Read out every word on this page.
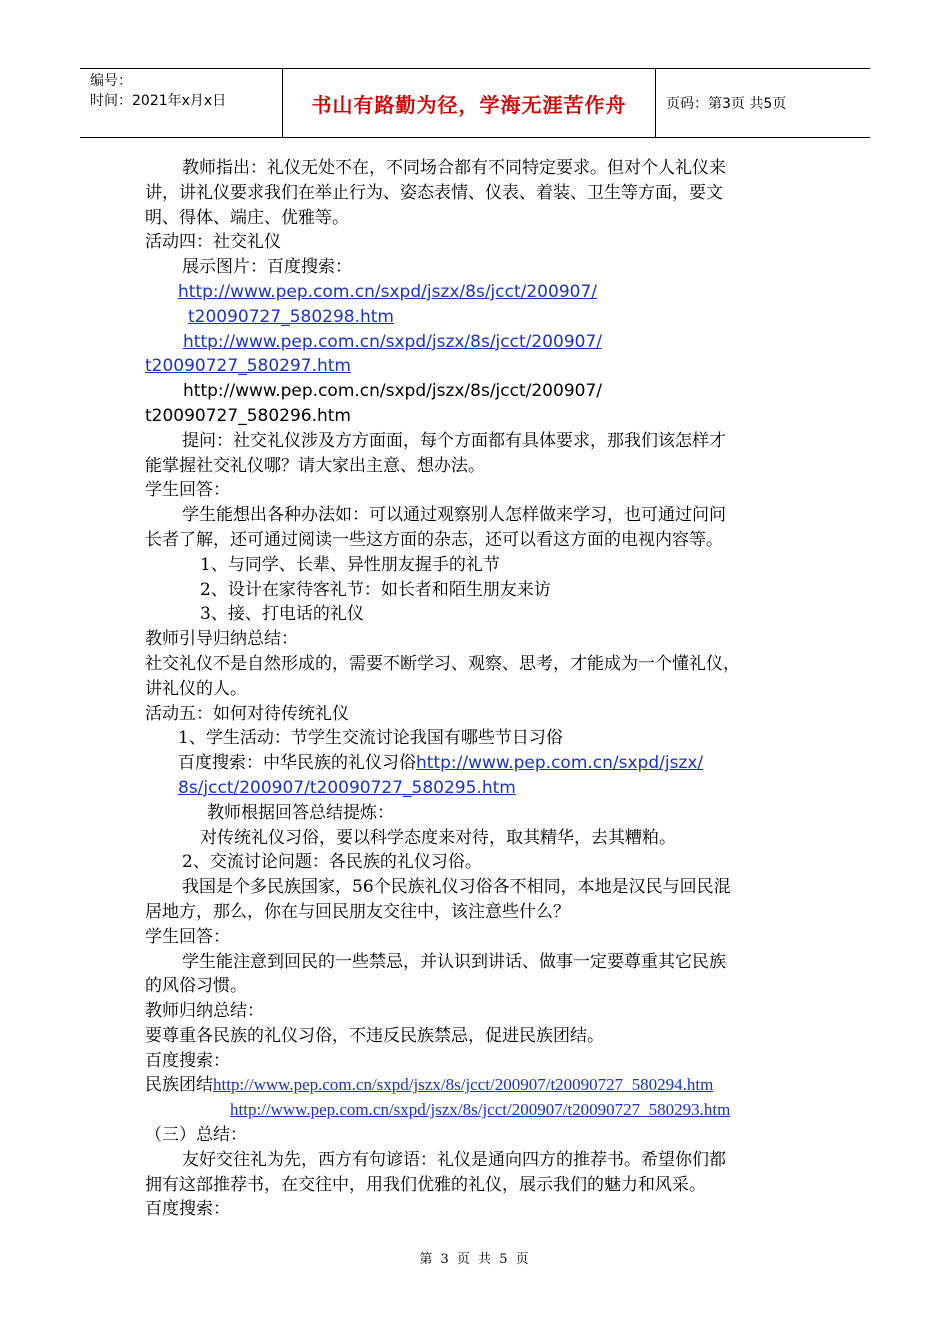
编号：
时间：2021年x月x日	书山有路勤为径，学海无涯苦作舟	页码：第3页 共5页
教师指出：礼仪无处不在，不同场合都有不同特定要求。但对个人礼仪来
讲，讲礼仪要求我们在举止行为、姿态表情、仪表、着装、卫生等方面，要文
明、得体、端庄、优雅等。
活动四：社交礼仪
展示图片：百度搜索：
http://www.pep.com.cn/sxpd/jszx/8s/jcct/200907/
t20090727_580298.htm
http://www.pep.com.cn/sxpd/jszx/8s/jcct/200907/
t20090727_580297.htm
http://www.pep.com.cn/sxpd/jszx/8s/jcct/200907/
t20090727_580296.htm
提问：社交礼仪涉及方方面面，每个方面都有具体要求，那我们该怎样才
能掌握社交礼仪哪？请大家出主意、想办法。
学生回答：
学生能想出各种办法如：可以通过观察别人怎样做来学习，也可通过问问
长者了解，还可通过阅读一些这方面的杂志，还可以看这方面的电视内容等。
1、与同学、长辈、异性朋友握手的礼节
2、设计在家待客礼节：如长者和陌生朋友来访
3、接、打电话的礼仪
教师引导归纳总结：
社交礼仪不是自然形成的，需要不断学习、观察、思考，才能成为一个懂礼仪，
讲礼仪的人。
活动五：如何对待传统礼仪
1、学生活动：节学生交流讨论我国有哪些节日习俗
百度搜索：中华民族的礼仪习俗http://www.pep.com.cn/sxpd/jszx/
8s/jcct/200907/t20090727_580295.htm
教师根据回答总结提炼：
对传统礼仪习俗，要以科学态度来对待，取其精华，去其糟粕。
2、交流讨论问题：各民族的礼仪习俗。
我国是个多民族国家，56个民族礼仪习俗各不相同，本地是汉民与回民混
居地方，那么，你在与回民朋友交往中，该注意些什么？
学生回答：
学生能注意到回民的一些禁忌，并认识到讲话、做事一定要尊重其它民族
的风俗习惯。
教师归纳总结：
要尊重各民族的礼仪习俗，不违反民族禁忌，促进民族团结。
百度搜索：
民族团结http://www.pep.com.cn/sxpd/jszx/8s/jcct/200907/t20090727_580294.htm
http://www.pep.com.cn/sxpd/jszx/8s/jcct/200907/t20090727_580293.htm
（三）总结：
友好交往礼为先，西方有句谚语：礼仪是通向四方的推荐书。希望你们都
拥有这部推荐书，在交往中，用我们优雅的礼仪，展示我们的魅力和风采。
百度搜索：
第 3 页 共 5 页
